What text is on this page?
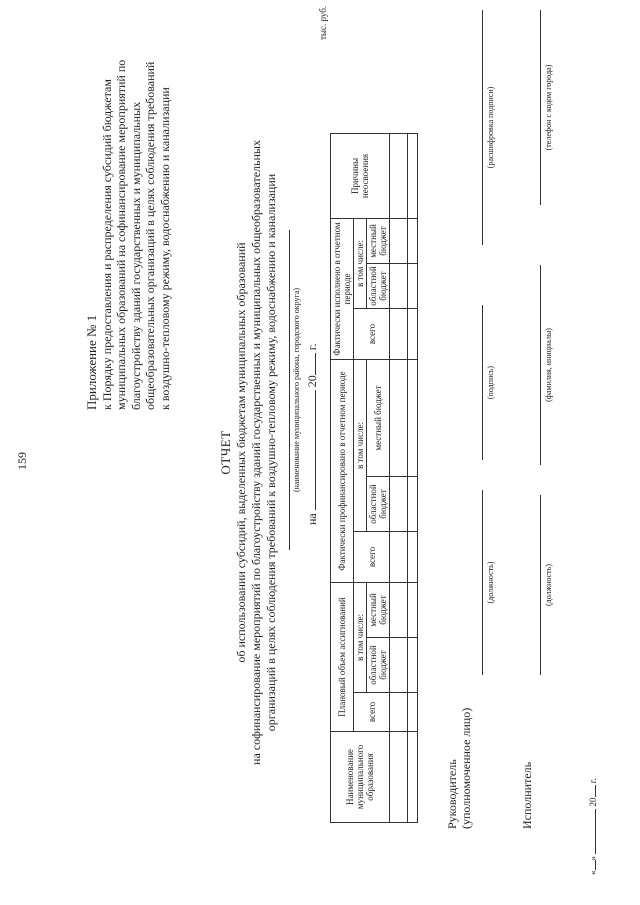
159
Приложение № 1 к Порядку предоставления и распределения субсидий бюджетам муниципальных образований на софинансирование мероприятий по благоустройству зданий государственных и муниципальных общеобразовательных организаций в целях соблюдения требований к воздушно-тепловому режиму, водоснабжению и канализации
ОТЧЕТ об использовании субсидий, выделенных бюджетам муниципальных образований на софинансирование мероприятий по благоустройству зданий государственных и муниципальных общеобразовательных организаций в целях соблюдения требований к воздушно-тепловому режиму, водоснабжению и канализации (наименование муниципального района, городского округа)
на  20 г.
тыс. руб.
Наименование муниципального образования	Плановый объем ассигнований			Фактически профинансировано в отчетном периоде			Фактически исполнено в отчетном периоде			Причины неосвоения
	всего	в том числе:		всего	в том числе:		всего	в том числе:		
		областной бюджет	местный бюджет		областной бюджет	местный бюджет		областной бюджет	местный бюджет	

Руководитель (уполномоченное лицо)
(должность)
(подпись)
(расшифровка подписи)
Исполнитель
(должность)
(фамилия, инициалы)
(телефон с кодом города)
«»  20 г.
